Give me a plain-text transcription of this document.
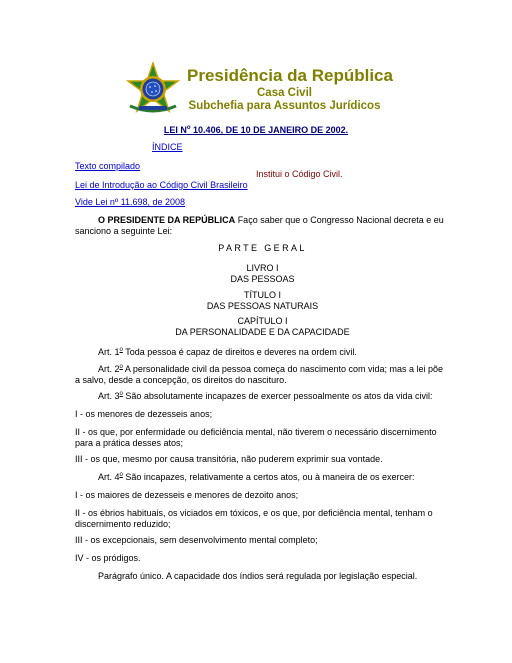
Presidência da República
Casa Civil
Subchefia para Assuntos Jurídicos
LEI $N^o$ 10.406, DE 10 DE JANEIRO DE 2002.
ÍNDICE
Texto compilado
Lei de Introdução ao Código Civil Brasileiro
Vide Lei nº 11.698, de 2008
Institui o Código Civil.
O PRESIDENTE DA REPÚBLICA Faço saber que o Congresso Nacional decreta e eu sanciono a seguinte Lei:
PARTE GERAL
LIVRO I
DAS PESSOAS
TÍTULO I
DAS PESSOAS NATURAIS
CAPÍTULO I
DA PERSONALIDADE E DA CAPACIDADE
Art. 1$^o$ Toda pessoa é capaz de direitos e deveres na ordem civil.
Art. 2$^o$ A personalidade civil da pessoa começa do nascimento com vida; mas a lei põe a salvo, desde a concepção, os direitos do nascituro.
Art. 3$^o$ São absolutamente incapazes de exercer pessoalmente os atos da vida civil:
I - os menores de dezesseis anos;
II - os que, por enfermidade ou deficiência mental, não tiverem o necessário discernimento para a prática desses atos;
III - os que, mesmo por causa transitória, não puderem exprimir sua vontade.
Art. 4$^o$ São incapazes, relativamente a certos atos, ou à maneira de os exercer:
I - os maiores de dezesseis e menores de dezoito anos;
II - os ébrios habituais, os viciados em tóxicos, e os que, por deficiência mental, tenham o discernimento reduzido;
III - os excepcionais, sem desenvolvimento mental completo;
IV - os pródigos.
Parágrafo único. A capacidade dos índios será regulada por legislação especial.
